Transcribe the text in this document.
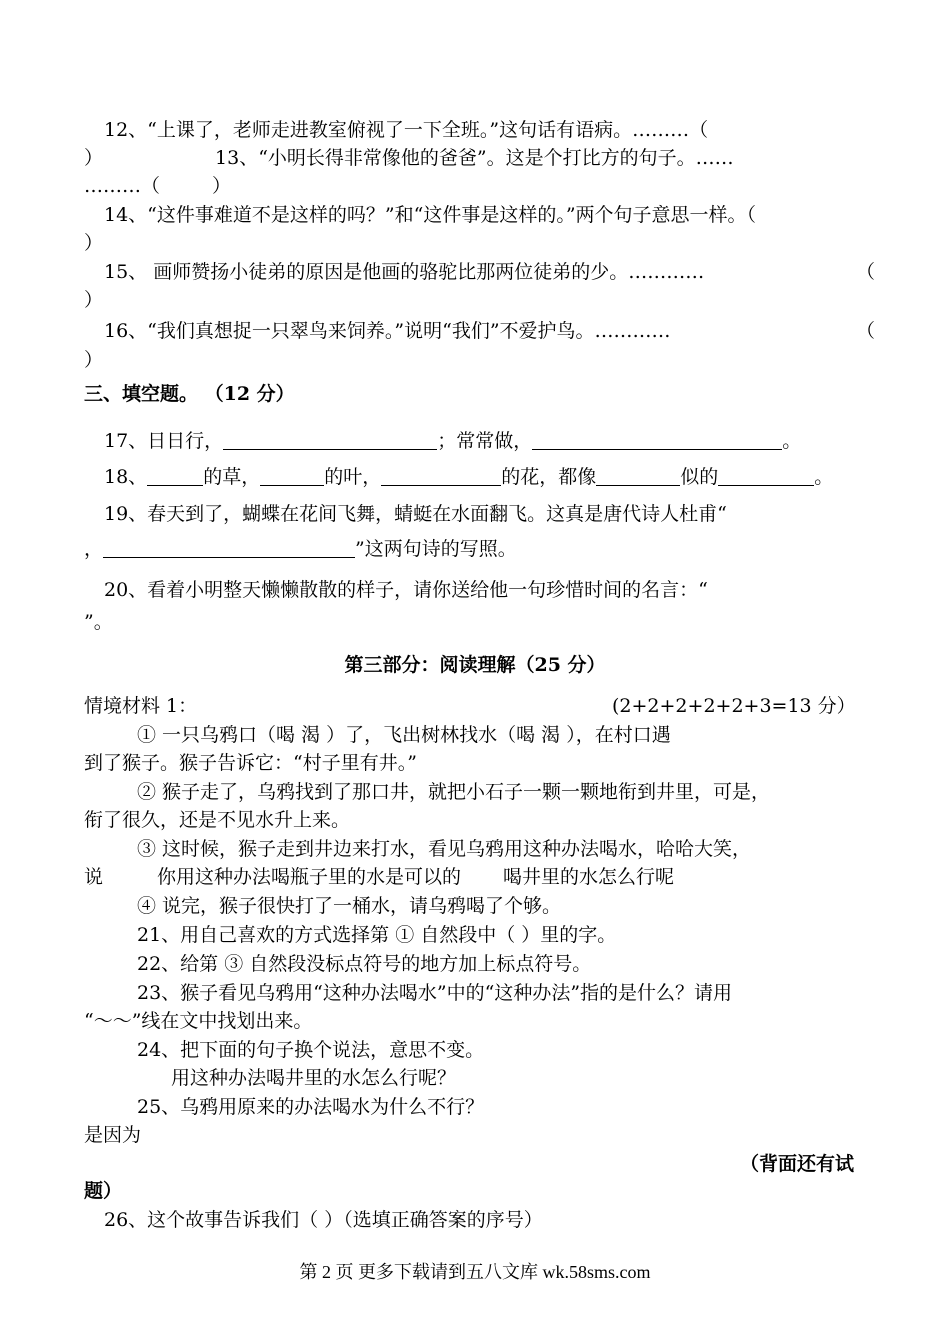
12、“上课了，老师走进教室俯视了一下全班。”这句话有语病。………（
）	13、“小明长得非常像他的爸爸”。这是个打比方的句子。……
………（	）
14、“这件事难道不是这样的吗？”和“这件事是这样的。”两个句子意思一样。（
）
15、 画师赞扬小徒弟的原因是他画的骆驼比那两位徒弟的少。…………	（
）
16、“我们真想捉一只翠鸟来饲养。”说明“我们”不爱护鸟。…………	（
）
三、填空题。 （12 分）
17、日日行，	；常常做，	。
18、	的草，	的叶，	的花，都像	似的	。
19、春天到了，蝴蝶在花间飞舞，蜻蜓在水面翻飞。这真是唐代诗人杜甫“
，	”这两句诗的写照。
20、看着小明整天懒懒散散的样子，请你送给他一句珍惜时间的名言：“
”。
第三部分：阅读理解（25 分）
情境材料 1：	(2+2+2+2+2+3=13 分）
① 一只乌鸦口（喝 渴 ）了，飞出树林找水（喝 渴 ），在村口遇
到了猴子。猴子告诉它：“村子里有井。”
② 猴子走了，乌鸦找到了那口井，就把小石子一颗一颗地衔到井里，可是，
衔了很久，还是不见水升上来。
③ 这时候，猴子走到井边来打水，看见乌鸦用这种办法喝水，哈哈大笑，
说	你用这种办法喝瓶子里的水是可以的 喝井里的水怎么行呢
④ 说完，猴子很快打了一桶水，请乌鸦喝了个够。
21、用自己喜欢的方式选择第 ① 自然段中（ ）里的字。
22、给第 ③ 自然段没标点符号的地方加上标点符号。
23、猴子看见乌鸦用“这种办法喝水”中的“这种办法”指的是什么？请用
“～～”线在文中找划出来。
24、把下面的句子换个说法，意思不变。
用这种办法喝井里的水怎么行呢？
25、乌鸦用原来的办法喝水为什么不行？
是因为
（背面还有试
题）
26、这个故事告诉我们（ ）（选填正确答案的序号）
第 2 页 更多下载请到五八文库 wk.58sms.com
